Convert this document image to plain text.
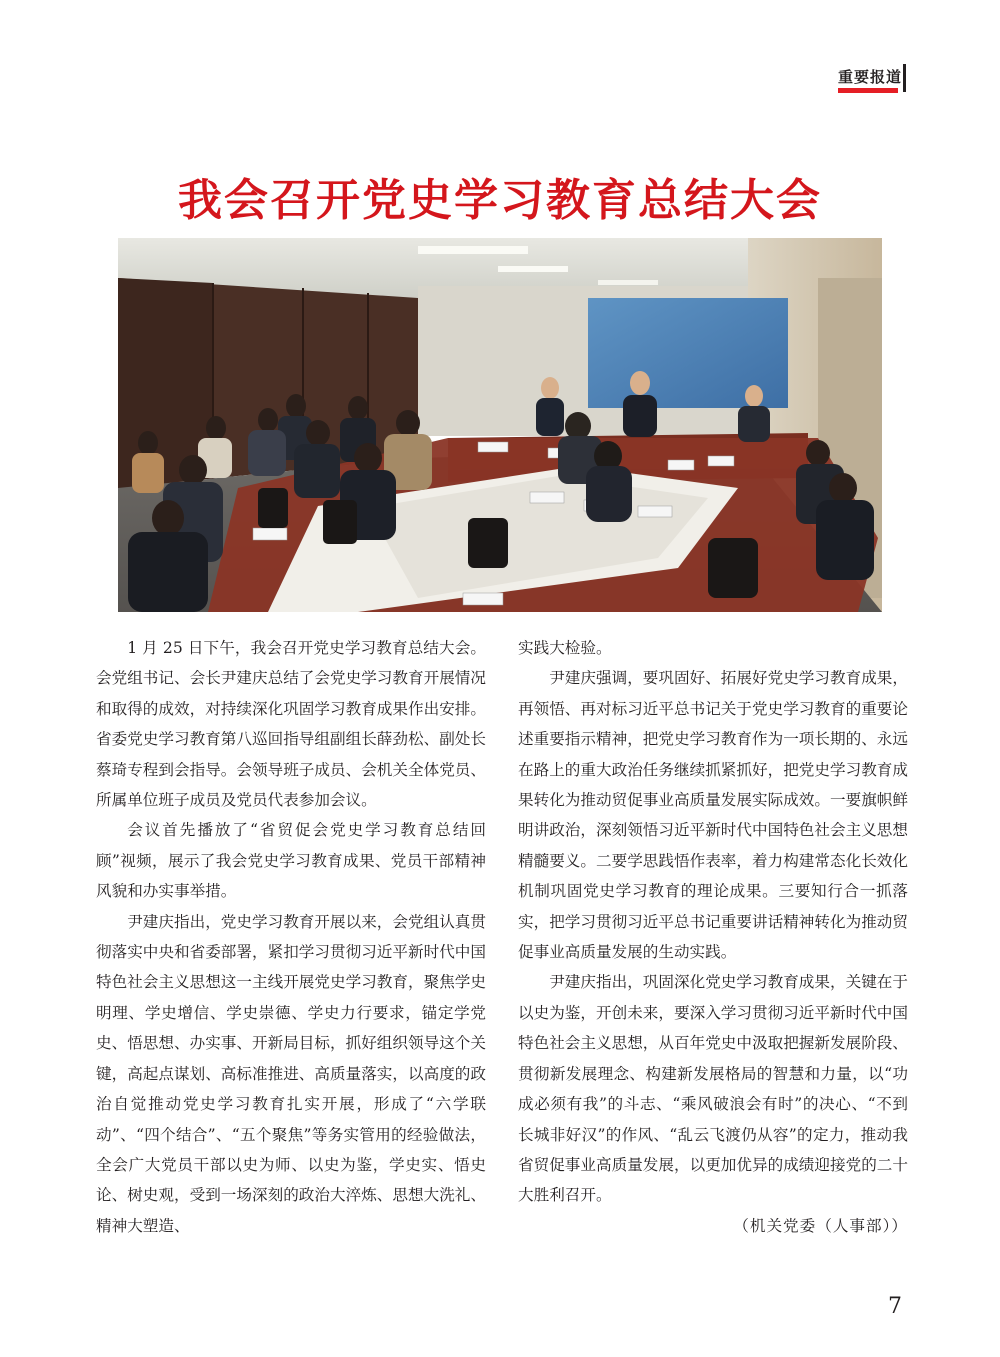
重要报道
我会召开党史学习教育总结大会

1 月 25 日下午，我会召开党史学习教育总结大会。会党组书记、会长尹建庆总结了会党史学习教育开展情况和取得的成效，对持续深化巩固学习教育成果作出安排。省委党史学习教育第八巡回指导组副组长薛劲松、副处长蔡琦专程到会指导。会领导班子成员、会机关全体党员、所属单位班子成员及党员代表参加会议。

会议首先播放了“省贸促会党史学习教育总结回顾”视频，展示了我会党史学习教育成果、党员干部精神风貌和办实事举措。

尹建庆指出，党史学习教育开展以来，会党组认真贯彻落实中央和省委部署，紧扣学习贯彻习近平新时代中国特色社会主义思想这一主线开展党史学习教育，聚焦学史明理、学史增信、学史崇德、学史力行要求，锚定学党史、悟思想、办实事、开新局目标，抓好组织领导这个关键，高起点谋划、高标准推进、高质量落实，以高度的政治自觉推动党史学习教育扎实开展，形成了“六学联动”、“四个结合”、“五个聚焦”等务实管用的经验做法，全会广大党员干部以史为师、以史为鉴，学史实、悟史论、树史观，受到一场深刻的政治大淬炼、思想大洗礼、精神大塑造、

实践大检验。

尹建庆强调，要巩固好、拓展好党史学习教育成果，再领悟、再对标习近平总书记关于党史学习教育的重要论述重要指示精神，把党史学习教育作为一项长期的、永远在路上的重大政治任务继续抓紧抓好，把党史学习教育成果转化为推动贸促事业高质量发展实际成效。一要旗帜鲜明讲政治，深刻领悟习近平新时代中国特色社会主义思想精髓要义。二要学思践悟作表率，着力构建常态化长效化机制巩固党史学习教育的理论成果。三要知行合一抓落实，把学习贯彻习近平总书记重要讲话精神转化为推动贸促事业高质量发展的生动实践。

尹建庆指出，巩固深化党史学习教育成果，关键在于以史为鉴，开创未来，要深入学习贯彻习近平新时代中国特色社会主义思想，从百年党史中汲取把握新发展阶段、贯彻新发展理念、构建新发展格局的智慧和力量，以“功成必须有我”的斗志、“乘风破浪会有时”的决心、“不到长城非好汉”的作风、“乱云飞渡仍从容”的定力，推动我省贸促事业高质量发展，以更加优异的成绩迎接党的二十大胜利召开。

（机关党委（人事部））

7
